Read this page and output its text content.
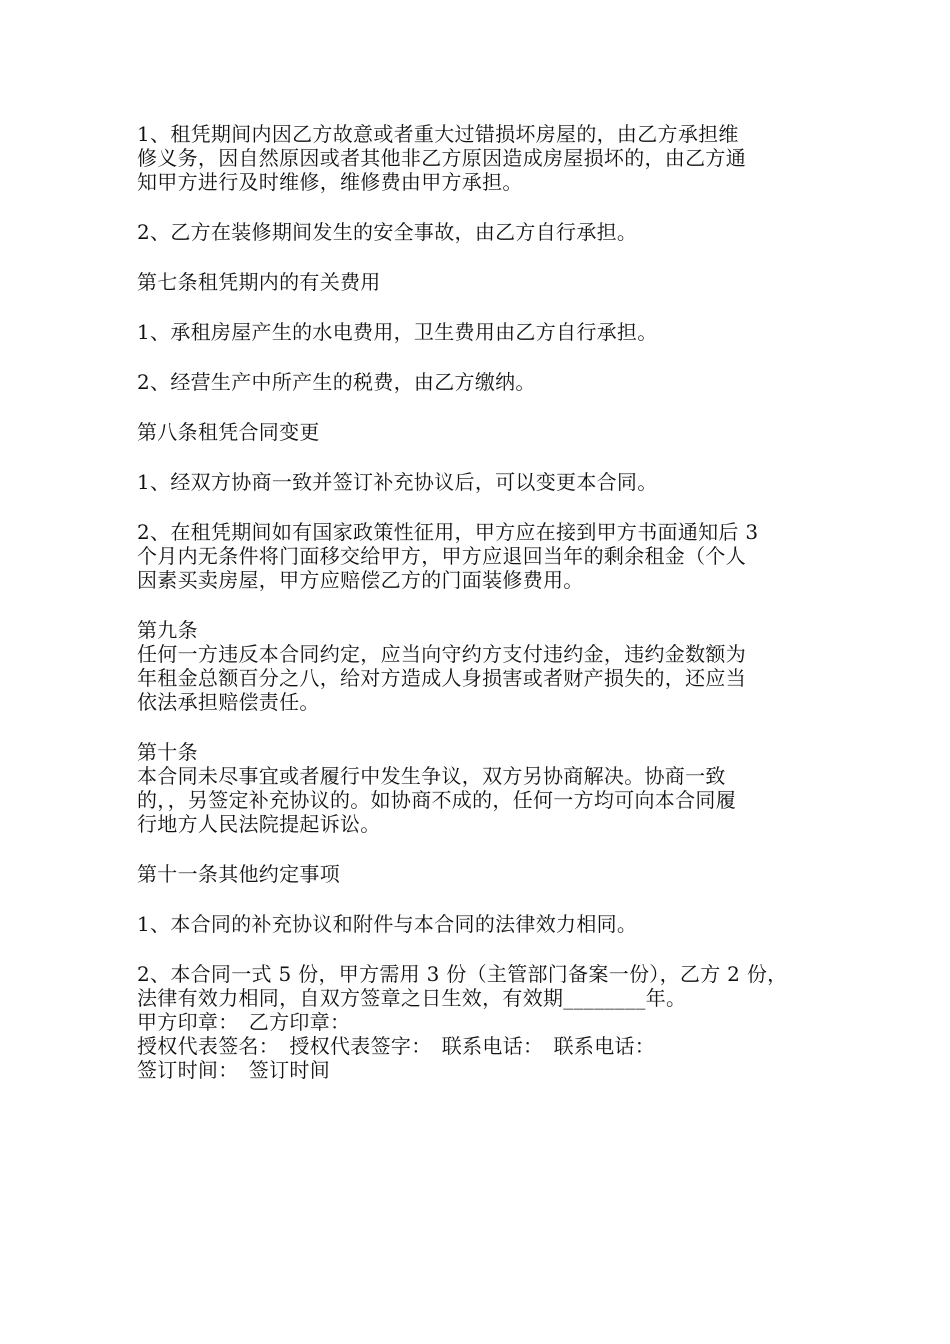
1、租凭期间内因乙方故意或者重大过错损坏房屋的，由乙方承担维
修义务，因自然原因或者其他非乙方原因造成房屋损坏的，由乙方通
知甲方进行及时维修，维修费由甲方承担。
2、乙方在装修期间发生的安全事故，由乙方自行承担。
第七条租凭期内的有关费用
1、承租房屋产生的水电费用，卫生费用由乙方自行承担。
2、经营生产中所产生的税费，由乙方缴纳。
第八条租凭合同变更
1、经双方协商一致并签订补充协议后，可以变更本合同。
2、在租凭期间如有国家政策性征用，甲方应在接到甲方书面通知后 3
个月内无条件将门面移交给甲方，甲方应退回当年的剩余租金（个人
因素买卖房屋，甲方应赔偿乙方的门面装修费用。
第九条
任何一方违反本合同约定，应当向守约方支付违约金，违约金数额为
年租金总额百分之八，给对方造成人身损害或者财产损失的，还应当
依法承担赔偿责任。
第十条
本合同未尽事宜或者履行中发生争议，双方另协商解决。协商一致
的，，另签定补充协议的。如协商不成的，任何一方均可向本合同履
行地方人民法院提起诉讼。
第十一条其他约定事项
1、本合同的补充协议和附件与本合同的法律效力相同。
2、本合同一式 5 份，甲方需用 3 份（主管部门备案一份），乙方 2 份，
法律有效力相同，自双方签章之日生效，有效期________年。
甲方印章：　乙方印章：
授权代表签名：　授权代表签字：　联系电话：　联系电话：
签订时间：　签订时间
